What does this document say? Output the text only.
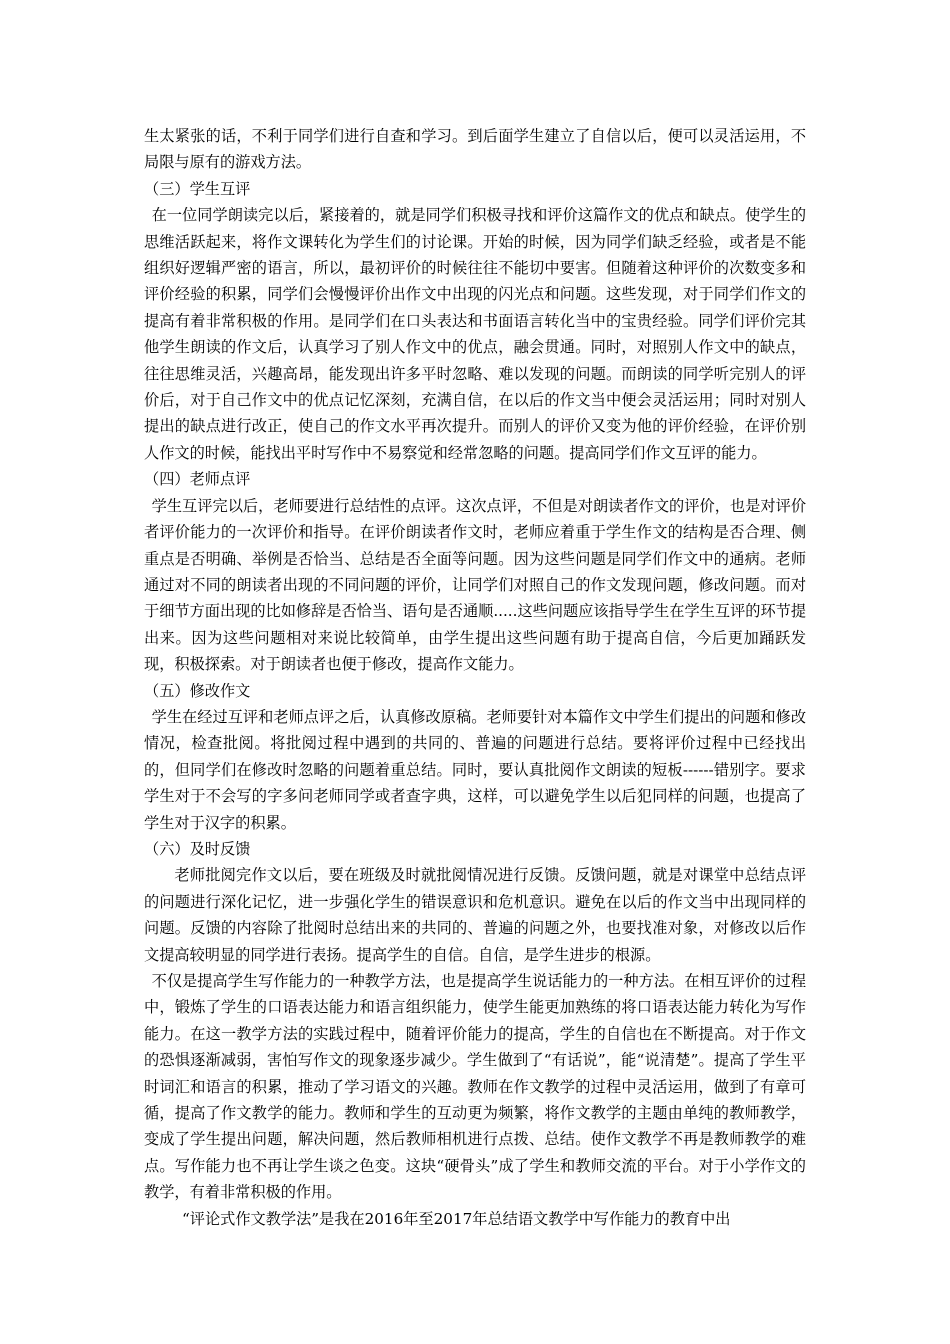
生太紧张的话，不利于同学们进行自查和学习。到后面学生建立了自信以后，便可以灵活运用，不局限与原有的游戏方法。

（三）学生互评

在一位同学朗读完以后，紧接着的，就是同学们积极寻找和评价这篇作文的优点和缺点。使学生的思维活跃起来，将作文课转化为学生们的讨论课。开始的时候，因为同学们缺乏经验，或者是不能组织好逻辑严密的语言，所以，最初评价的时候往往不能切中要害。但随着这种评价的次数变多和评价经验的积累，同学们会慢慢评价出作文中出现的闪光点和问题。这些发现，对于同学们作文的提高有着非常积极的作用。是同学们在口头表达和书面语言转化当中的宝贵经验。同学们评价完其他学生朗读的作文后，认真学习了别人作文中的优点，融会贯通。同时，对照别人作文中的缺点，往往思维灵活，兴趣高昂，能发现出许多平时忽略、难以发现的问题。而朗读的同学听完别人的评价后，对于自己作文中的优点记忆深刻，充满自信，在以后的作文当中便会灵活运用；同时对别人提出的缺点进行改正，使自己的作文水平再次提升。而别人的评价又变为他的评价经验，在评价别人作文的时候，能找出平时写作中不易察觉和经常忽略的问题。提高同学们作文互评的能力。

（四）老师点评

学生互评完以后，老师要进行总结性的点评。这次点评，不但是对朗读者作文的评价，也是对评价者评价能力的一次评价和指导。在评价朗读者作文时，老师应着重于学生作文的结构是否合理、侧重点是否明确、举例是否恰当、总结是否全面等问题。因为这些问题是同学们作文中的通病。老师通过对不同的朗读者出现的不同问题的评价，让同学们对照自己的作文发现问题，修改问题。而对于细节方面出现的比如修辞是否恰当、语句是否通顺.....这些问题应该指导学生在学生互评的环节提出来。因为这些问题相对来说比较简单，由学生提出这些问题有助于提高自信，今后更加踊跃发现，积极探索。对于朗读者也便于修改，提高作文能力。

（五）修改作文

学生在经过互评和老师点评之后，认真修改原稿。老师要针对本篇作文中学生们提出的问题和修改情况，检查批阅。将批阅过程中遇到的共同的、普遍的问题进行总结。要将评价过程中已经找出的，但同学们在修改时忽略的问题着重总结。同时，要认真批阅作文朗读的短板------错别字。要求学生对于不会写的字多问老师同学或者查字典，这样，可以避免学生以后犯同样的问题，也提高了学生对于汉字的积累。

（六）及时反馈

老师批阅完作文以后，要在班级及时就批阅情况进行反馈。反馈问题，就是对课堂中总结点评的问题进行深化记忆，进一步强化学生的错误意识和危机意识。避免在以后的作文当中出现同样的问题。反馈的内容除了批阅时总结出来的共同的、普遍的问题之外，也要找准对象，对修改以后作文提高较明显的同学进行表扬。提高学生的自信。自信，是学生进步的根源。

不仅是提高学生写作能力的一种教学方法，也是提高学生说话能力的一种方法。在相互评价的过程中，锻炼了学生的口语表达能力和语言组织能力，使学生能更加熟练的将口语表达能力转化为写作能力。在这一教学方法的实践过程中，随着评价能力的提高，学生的自信也在不断提高。对于作文的恐惧逐渐减弱，害怕写作文的现象逐步减少。学生做到了“有话说”，能“说清楚”。提高了学生平时词汇和语言的积累，推动了学习语文的兴趣。教师在作文教学的过程中灵活运用，做到了有章可循，提高了作文教学的能力。教师和学生的互动更为频繁，将作文教学的主题由单纯的教师教学，变成了学生提出问题，解决问题，然后教师相机进行点拨、总结。使作文教学不再是教师教学的难点。写作能力也不再让学生谈之色变。这块“硬骨头”成了学生和教师交流的平台。对于小学作文的教学，有着非常积极的作用。

“评论式作文教学法”是我在2016年至2017年总结语文教学中写作能力的教育中出
